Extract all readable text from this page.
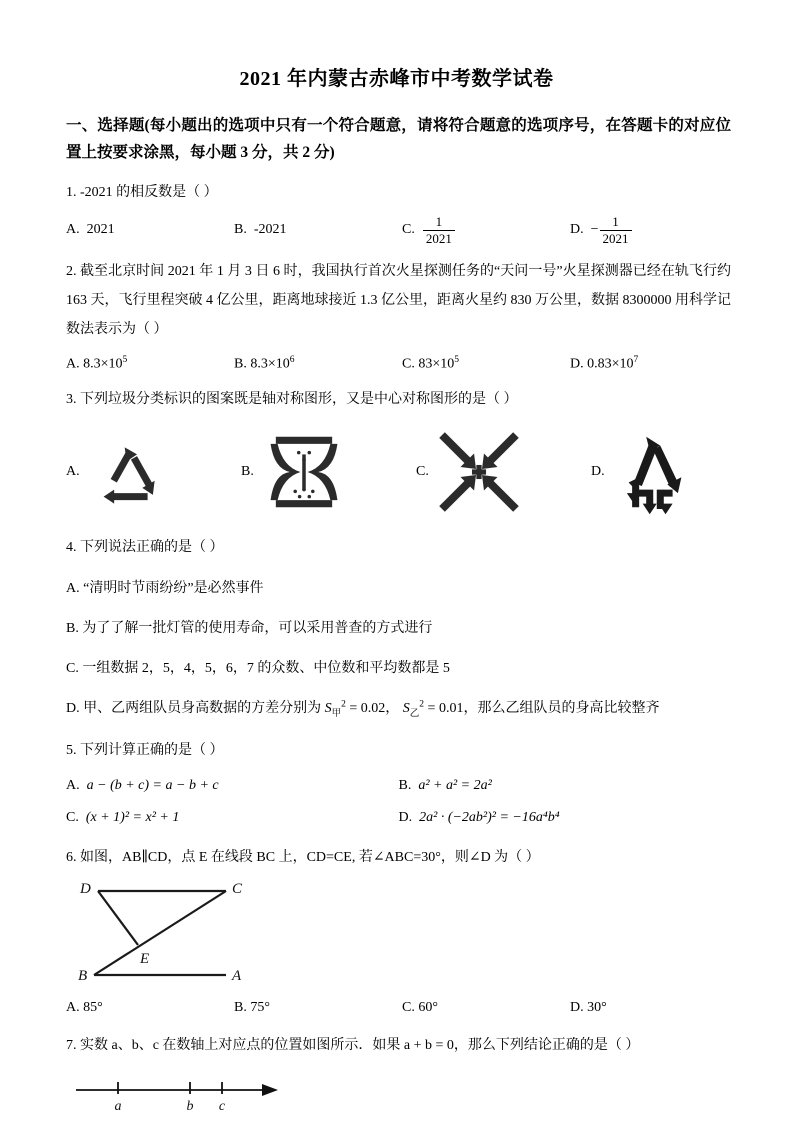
2021 年内蒙古赤峰市中考数学试卷
一、选择题(每小题出的选项中只有一个符合题意，请将符合题意的选项序号，在答题卡的对应位置上按要求涂黑，每小题 3 分，共 2 分)
1. -2021 的相反数是（ ）
A. 2021	B. -2021	C. $\frac{1}{2021}$	D. − $\frac{1}{2021}$
2. 截至北京时间 2021 年 1 月 3 日 6 时，我国执行首次火星探测任务的“天问一号”火星探测器已经在轨飞行约 163 天，飞行里程突破 4 亿公里，距离地球接近 1.3 亿公里，距离火星约 830 万公里，数据 8300000 用科学记数法表示为（ ）
A. $8.3\times 10^5$	B. $8.3\times 10^6$	C. $83\times 10^5$	D. $0.83\times 10^7$
3. 下列垃圾分类标识的图案既是轴对称图形，又是中心对称图形的是（ ）
A.	B.	C.	D.
4. 下列说法正确的是（ ）
A. “清明时节雨纷纷”是必然事件
B. 为了了解一批灯管的使用寿命，可以采用普查的方式进行
C. 一组数据 2，5，4，5，6，7 的众数、中位数和平均数都是 5
D. 甲、乙两组队员身高数据的方差分别为 $S_甲^2 = 0.02$， $S_乙^2 = 0.01$，那么乙组队员的身高比较整齐
5. 下列计算正确的是（ ）
A. a − (b + c) = a − b + c	B. a² + a² = 2a²
C. (x + 1)² = x² + 1	D. 2a² · (−2ab²)² = −16a⁴b⁴
6. 如图，AB∥CD，点 E 在线段 BC 上，CD=CE, 若∠ABC=30°，则∠D 为（ ）
D	C
E
B	A
A. 85°	B. 75°	C. 60°	D. 30°
7. 实数 a、b、c 在数轴上对应点的位置如图所示．如果 a + b = 0，那么下列结论正确的是（ ）
a	b c
